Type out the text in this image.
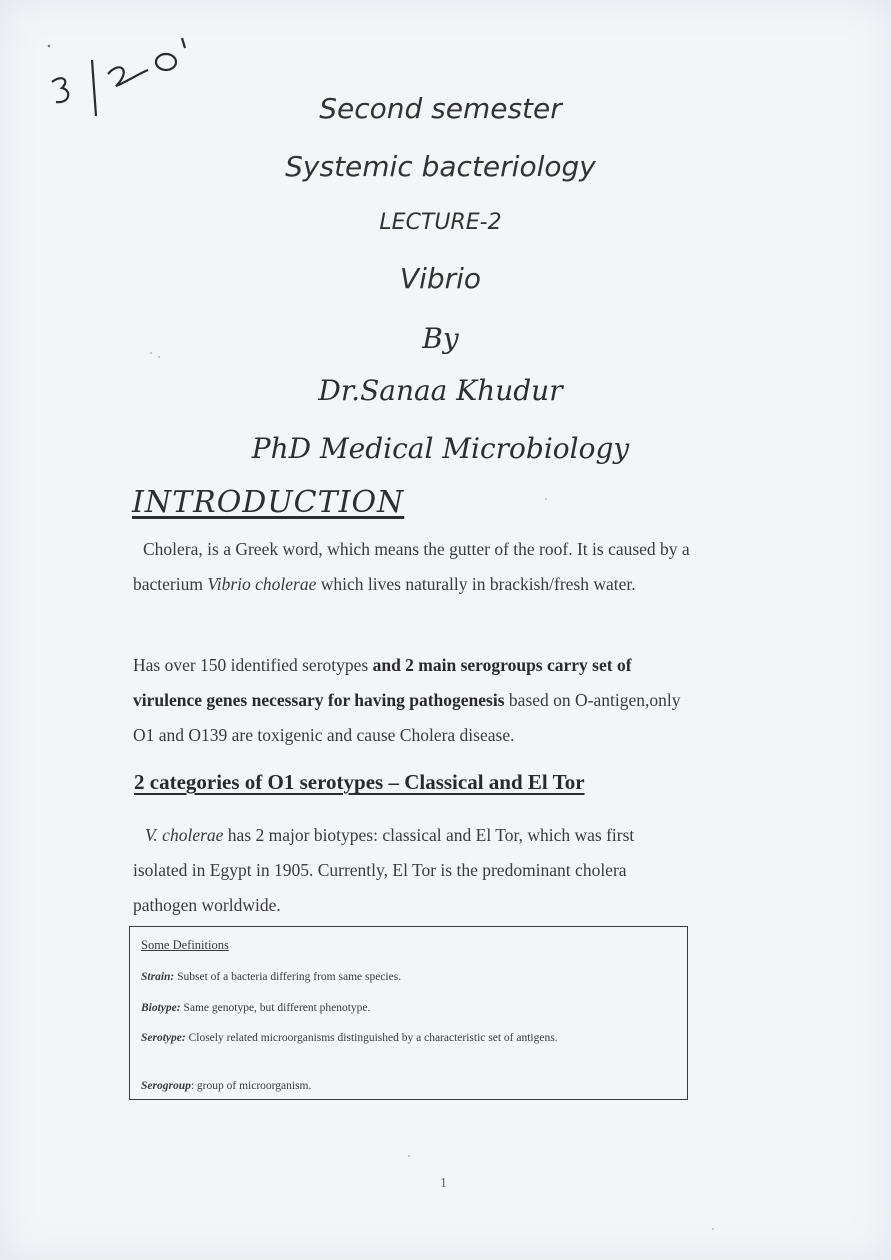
Second semester
Systemic bacteriology
LECTURE-2
Vibrio
By
Dr.Sanaa Khudur
PhD Medical Microbiology
INTRODUCTION
Cholera, is a Greek word, which means the gutter of the roof. It is caused by a bacterium Vibrio cholerae which lives naturally in brackish/fresh water.
Has over 150 identified serotypes and 2 main serogroups carry set of virulence genes necessary for having pathogenesis based on O-antigen,only O1 and O139 are toxigenic and cause Cholera disease.
2 categories of O1 serotypes – Classical and El Tor
V. cholerae has 2 major biotypes: classical and El Tor, which was first isolated in Egypt in 1905. Currently, El Tor is the predominant cholera pathogen worldwide.
Some Definitions
Strain: Subset of a bacteria differing from same species.
Biotype: Same genotype, but different phenotype.
Serotype: Closely related microorganisms distinguished by a characteristic set of antigens.
Serogroup: group of microorganism.
1
